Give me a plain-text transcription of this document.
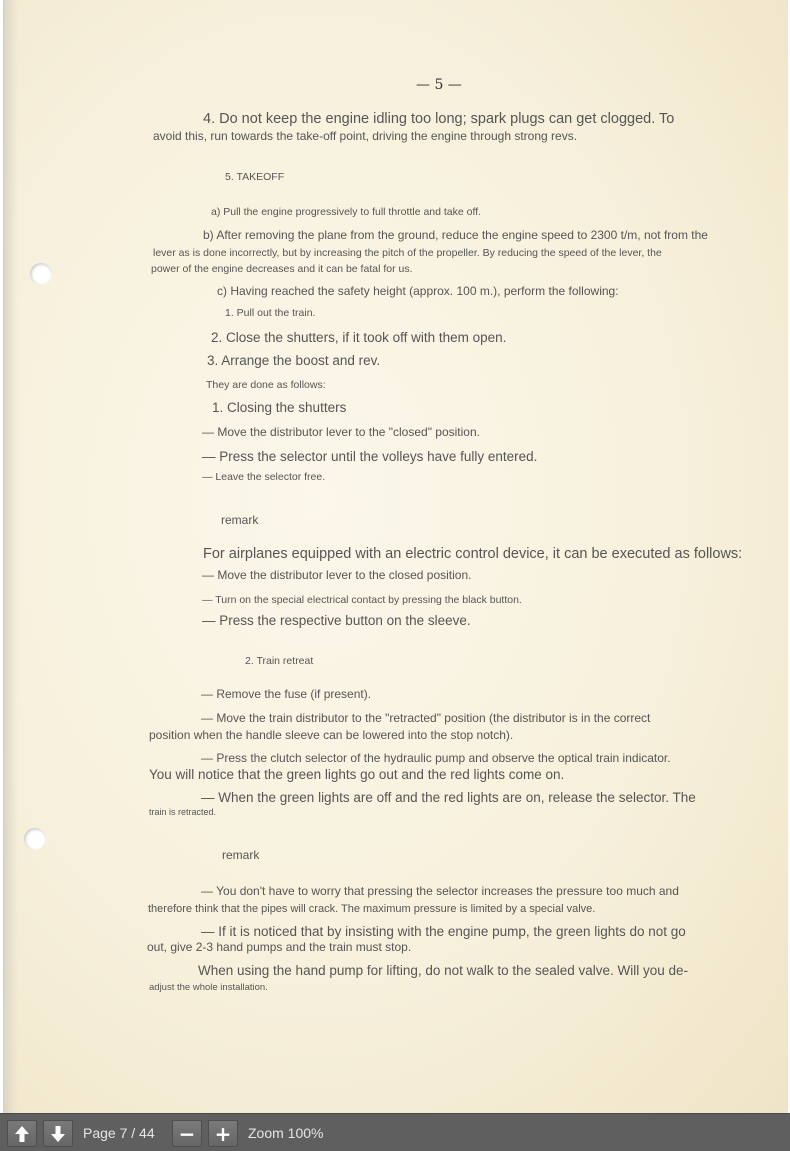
— 5 —
4. Do not keep the engine idling too long; spark plugs can get clogged. To
avoid this, run towards the take-off point, driving the engine through strong revs.
5. TAKEOFF
a) Pull the engine progressively to full throttle and take off.
b) After removing the plane from the ground, reduce the engine speed to 2300 t/m, not from the
lever as is done incorrectly, but by increasing the pitch of the propeller. By reducing the speed of the lever, the
power of the engine decreases and it can be fatal for us.
c) Having reached the safety height (approx. 100 m.), perform the following:
1. Pull out the train.
2. Close the shutters, if it took off with them open.
3. Arrange the boost and rev.
They are done as follows:
1. Closing the shutters
— Move the distributor lever to the "closed" position.
— Press the selector until the volleys have fully entered.
— Leave the selector free.
remark
For airplanes equipped with an electric control device, it can be executed as follows:
— Move the distributor lever to the closed position.
— Turn on the special electrical contact by pressing the black button.
— Press the respective button on the sleeve.
2. Train retreat
— Remove the fuse (if present).
— Move the train distributor to the "retracted" position (the distributor is in the correct
position when the handle sleeve can be lowered into the stop notch).
— Press the clutch selector of the hydraulic pump and observe the optical train indicator.
You will notice that the green lights go out and the red lights come on.
— When the green lights are off and the red lights are on, release the selector. The
train is retracted.
remark
— You don't have to worry that pressing the selector increases the pressure too much and
therefore think that the pipes will crack. The maximum pressure is limited by a special valve.
— If it is noticed that by insisting with the engine pump, the green lights do not go
out, give 2-3 hand pumps and the train must stop.
When using the hand pump for lifting, do not walk to the sealed valve. Will you de-
adjust the whole installation.
Page 7 / 44 − + Zoom 100%
